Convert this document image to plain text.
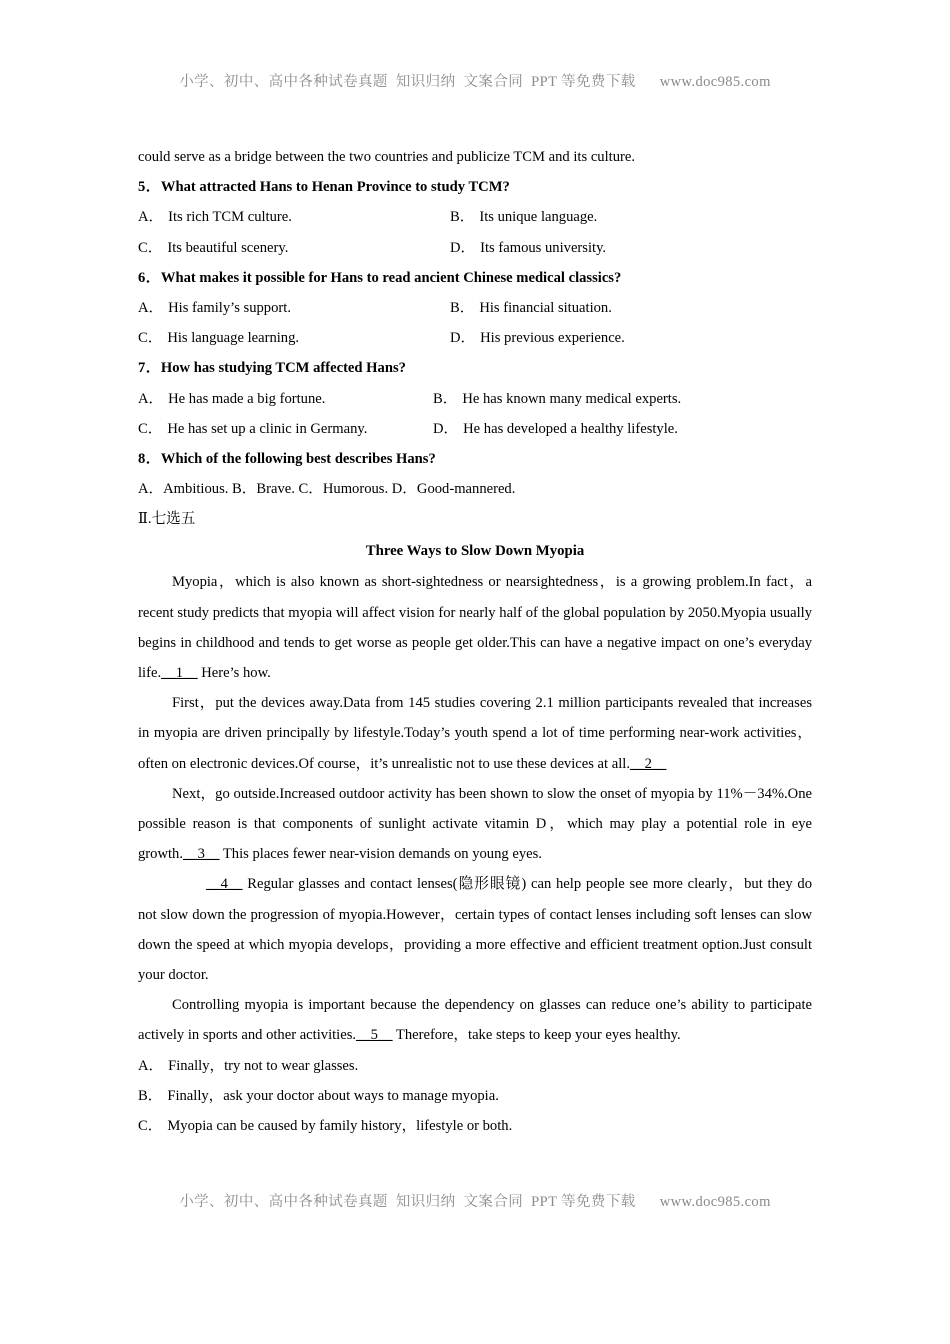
小学、初中、高中各种试卷真题  知识归纳  文案合同  PPT 等免费下载      www.doc985.com
could serve as a bridge between the two countries and publicize TCM and its culture.
5．What attracted Hans to Henan Province to study TCM?
A． Its rich TCM culture.	B． Its unique language.
C． Its beautiful scenery.	D． Its famous university.
6．What makes it possible for Hans to read ancient Chinese medical classics?
A． His family’s support.	B． His financial situation.
C． His language learning.	D． His previous experience.
7．How has studying TCM affected Hans?
A． He has made a big fortune.	B． He has known many medical experts.
C． He has set up a clinic in Germany.	D． He has developed a healthy lifestyle.
8．Which of the following best describes Hans?
A．Ambitious. B．Brave. C．Humorous. D．Good-mannered.
Ⅱ.七选五
Three Ways to Slow Down Myopia

Myopia，which is also known as short-sightedness or nearsightedness，is a growing problem.In fact，a recent study predicts that myopia will affect vision for nearly half of the global population by 2050.Myopia usually begins in childhood and tends to get worse as people get older.This can have a negative impact on one’s everyday life.__1__ Here’s how.

First，put the devices away.Data from 145 studies covering 2.1 million participants revealed that increases in myopia are driven principally by lifestyle.Today’s youth spend a lot of time performing near-work activities，often on electronic devices.Of course，it’s unrealistic not to use these devices at all.__2__

Next，go outside.Increased outdoor activity has been shown to slow the onset of myopia by 11%－34%.One possible reason is that components of sunlight activate vitamin D，which may play a potential role in eye growth.__3__ This places fewer near-vision demands on young eyes.

__4__ Regular glasses and contact lenses(隐形眼镜) can help people see more clearly，but they do not slow down the progression of myopia.However，certain types of contact lenses including soft lenses can slow down the speed at which myopia develops，providing a more effective and efficient treatment option.Just consult your doctor.

Controlling myopia is important because the dependency on glasses can reduce one’s ability to participate actively in sports and other activities.__5__ Therefore，take steps to keep your eyes healthy.

A． Finally，try not to wear glasses.
B． Finally，ask your doctor about ways to manage myopia.
C． Myopia can be caused by family history，lifestyle or both.
小学、初中、高中各种试卷真题  知识归纳  文案合同  PPT 等免费下载      www.doc985.com
